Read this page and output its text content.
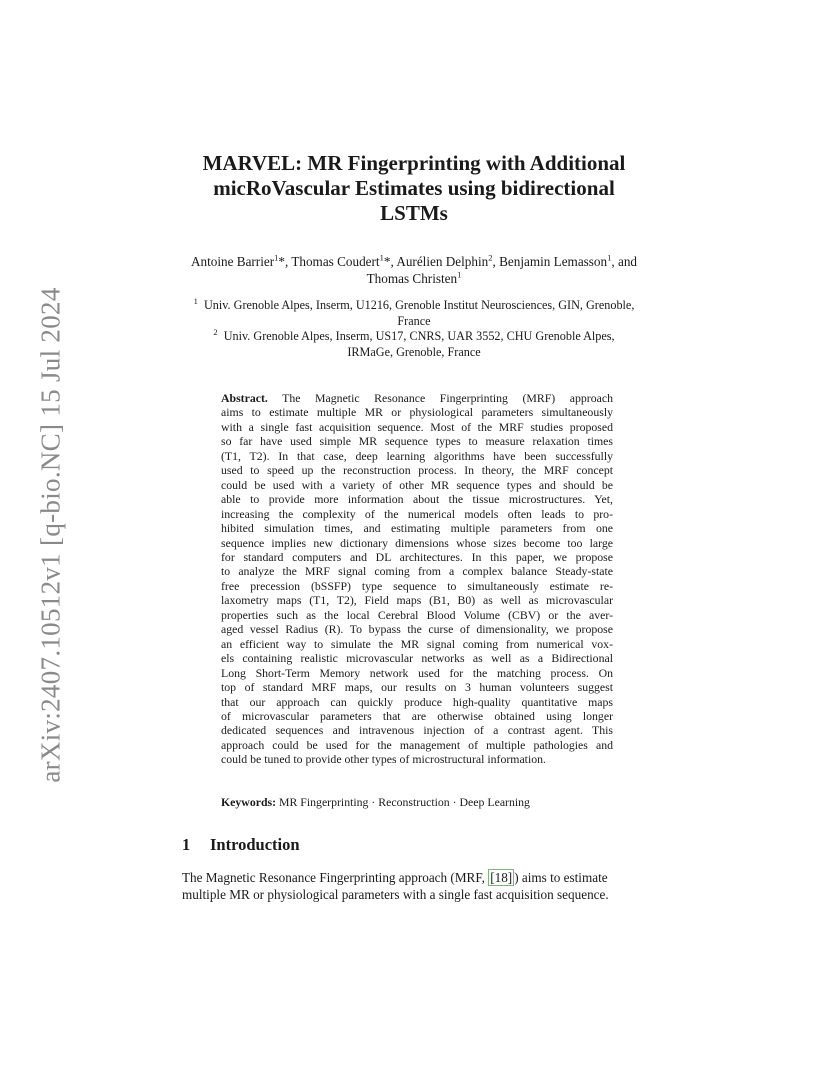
arXiv:2407.10512v1 [q-bio.NC] 15 Jul 2024
MARVEL: MR Fingerprinting with Additional
micRoVascular Estimates using bidirectional
LSTMs
Antoine Barrier$^1$*, Thomas Coudert$^1$*, Aurélien Delphin$^2$, Benjamin Lemasson$^1$, and Thomas Christen$^1$
$^1$ Univ. Grenoble Alpes, Inserm, U1216, Grenoble Institut Neurosciences, GIN, Grenoble, France
$^2$ Univ. Grenoble Alpes, Inserm, US17, CNRS, UAR 3552, CHU Grenoble Alpes, IRMaGe, Grenoble, France
Abstract. The Magnetic Resonance Fingerprinting (MRF) approach
aims to estimate multiple MR or physiological parameters simultaneously
with a single fast acquisition sequence. Most of the MRF studies proposed
so far have used simple MR sequence types to measure relaxation times
(T1, T2). In that case, deep learning algorithms have been successfully
used to speed up the reconstruction process. In theory, the MRF concept
could be used with a variety of other MR sequence types and should be
able to provide more information about the tissue microstructures. Yet,
increasing the complexity of the numerical models often leads to pro-
hibited simulation times, and estimating multiple parameters from one
sequence implies new dictionary dimensions whose sizes become too large
for standard computers and DL architectures. In this paper, we propose
to analyze the MRF signal coming from a complex balance Steady-state
free precession (bSSFP) type sequence to simultaneously estimate re-
laxometry maps (T1, T2), Field maps (B1, B0) as well as microvascular
properties such as the local Cerebral Blood Volume (CBV) or the aver-
aged vessel Radius (R). To bypass the curse of dimensionality, we propose
an efficient way to simulate the MR signal coming from numerical vox-
els containing realistic microvascular networks as well as a Bidirectional
Long Short-Term Memory network used for the matching process. On
top of standard MRF maps, our results on 3 human volunteers suggest
that our approach can quickly produce high-quality quantitative maps
of microvascular parameters that are otherwise obtained using longer
dedicated sequences and intravenous injection of a contrast agent. This
approach could be used for the management of multiple pathologies and
could be tuned to provide other types of microstructural information.
Keywords: MR Fingerprinting · Reconstruction · Deep Learning
1 Introduction
The Magnetic Resonance Fingerprinting approach (MRF, [18] ) aims to estimate
multiple MR or physiological parameters with a single fast acquisition sequence.
